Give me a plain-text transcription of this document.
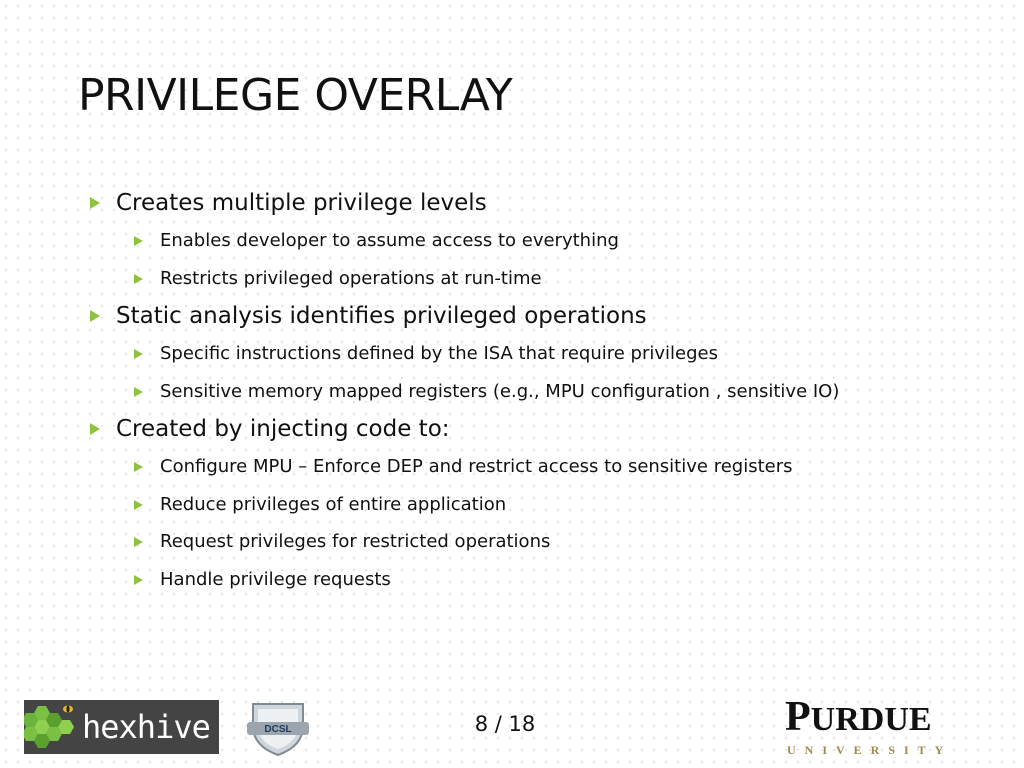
PRIVILEGE OVERLAY
Creates multiple privilege levels
Enables developer to assume access to everything
Restricts privileged operations at run-time
Static analysis identifies privileged operations
Specific instructions defined by the ISA that require privileges
Sensitive memory mapped registers (e.g., MPU configuration , sensitive IO)
Created by injecting code to:
Configure MPU – Enforce DEP and restrict access to sensitive registers
Reduce privileges of entire application
Request privileges for restricted operations
Handle privilege requests
hexhive	DCSL	8 / 18	PURDUE
UNIVERSITY
